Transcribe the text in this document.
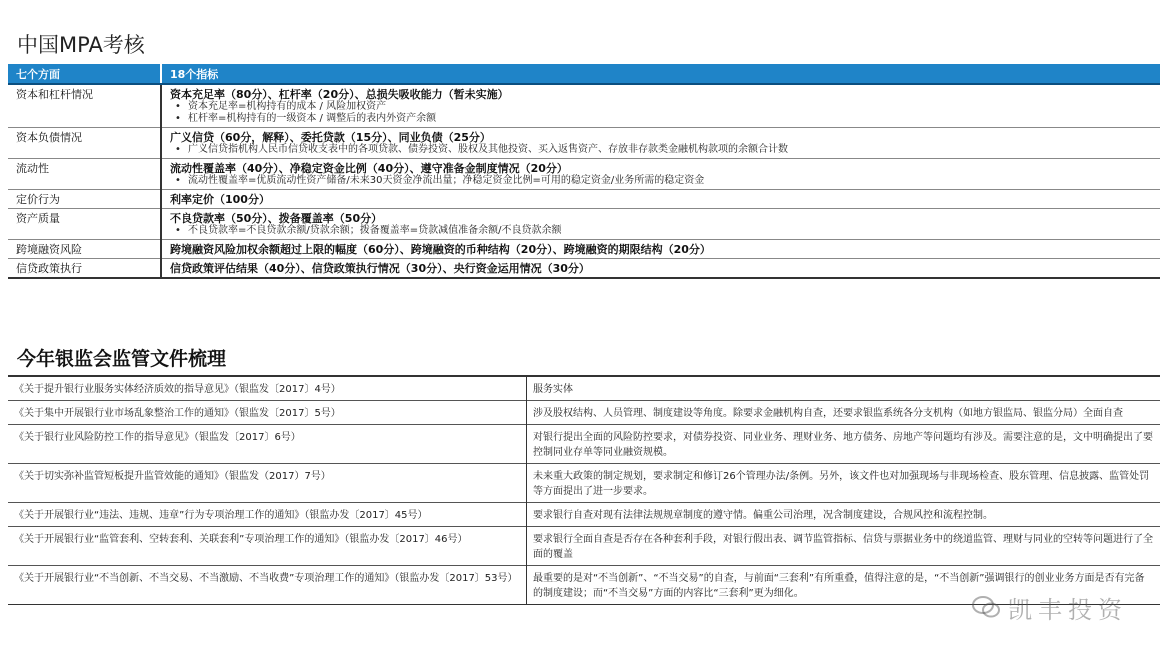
中国MPA考核
七个方面	18个指标
资本和杠杆情况	资本充足率（80分）、杠杆率（20分）、总损失吸收能力（暂未实施）
• 资本充足率=机构持有的成本 / 风险加权资产
• 杠杆率=机构持有的一级资本 / 调整后的表内外资产余额

资本负债情况	广义信贷（60分，解释）、委托贷款（15分）、同业负债（25分）
• 广义信贷指机构人民币信贷收支表中的各项贷款、债券投资、股权及其他投资、买入返售资产、存放非存款类金融机构款项的余额合计数

流动性	流动性覆盖率（40分）、净稳定资金比例（40分）、遵守准备金制度情况（20分）
• 流动性覆盖率=优质流动性资产储备/未来30天资金净流出量；净稳定资金比例=可用的稳定资金/业务所需的稳定资金

定价行为	利率定价（100分）

资产质量	不良贷款率（50分）、拨备覆盖率（50分）
• 不良贷款率=不良贷款余额/贷款余额；拨备覆盖率=贷款减值准备余额/不良贷款余额

跨境融资风险	跨境融资风险加权余额超过上限的幅度（60分）、跨境融资的币种结构（20分）、跨境融资的期限结构（20分）

信贷政策执行	信贷政策评估结果（40分）、信贷政策执行情况（30分）、央行资金运用情况（30分）
今年银监会监管文件梳理
《关于提升银行业服务实体经济质效的指导意见》（银监发〔2017〕4号）	服务实体
《关于集中开展银行业市场乱象整治工作的通知》（银监发〔2017〕5号）	涉及股权结构、人员管理、制度建设等角度。除要求金融机构自查，还要求银监系统各分支机构（如地方银监局、银监分局）全面自查
《关于银行业风险防控工作的指导意见》（银监发〔2017〕6号）	对银行提出全面的风险防控要求，对债券投资、同业业务、理财业务、地方债务、房地产等问题均有涉及。需要注意的是，文中明确提出了要控制同业存单等同业融资规模。
《关于切实弥补监管短板提升监管效能的通知》（银监发（2017）7号）	未来重大政策的制定规划，要求制定和修订26个管理办法/条例。另外，该文件也对加强现场与非现场检查、股东管理、信息披露、监管处罚等方面提出了进一步要求。
《关于开展银行业“违法、违规、违章”行为专项治理工作的通知》（银监办发〔2017〕45号）	要求银行自查对现有法律法规规章制度的遵守情。偏重公司治理，况含制度建设，合规风控和流程控制。
《关于开展银行业“监管套利、空转套利、关联套利”专项治理工作的通知》（银监办发〔2017〕46号）	要求银行全面自查是否存在各种套利手段，对银行假出表、调节监管指标、信贷与票据业务中的绕道监管、理财与同业的空转等问题进行了全面的覆盖
《关于开展银行业“不当创新、不当交易、不当激励、不当收费”专项治理工作的通知》（银监办发〔2017〕53号）	最重要的是对“不当创新”、“不当交易”的自查，与前面“三套利”有所重叠，值得注意的是，“不当创新”强调银行的创业业务方面是否有完备的制度建设；而“不当交易”方面的内容比“三套利”更为细化。
凯丰投资
